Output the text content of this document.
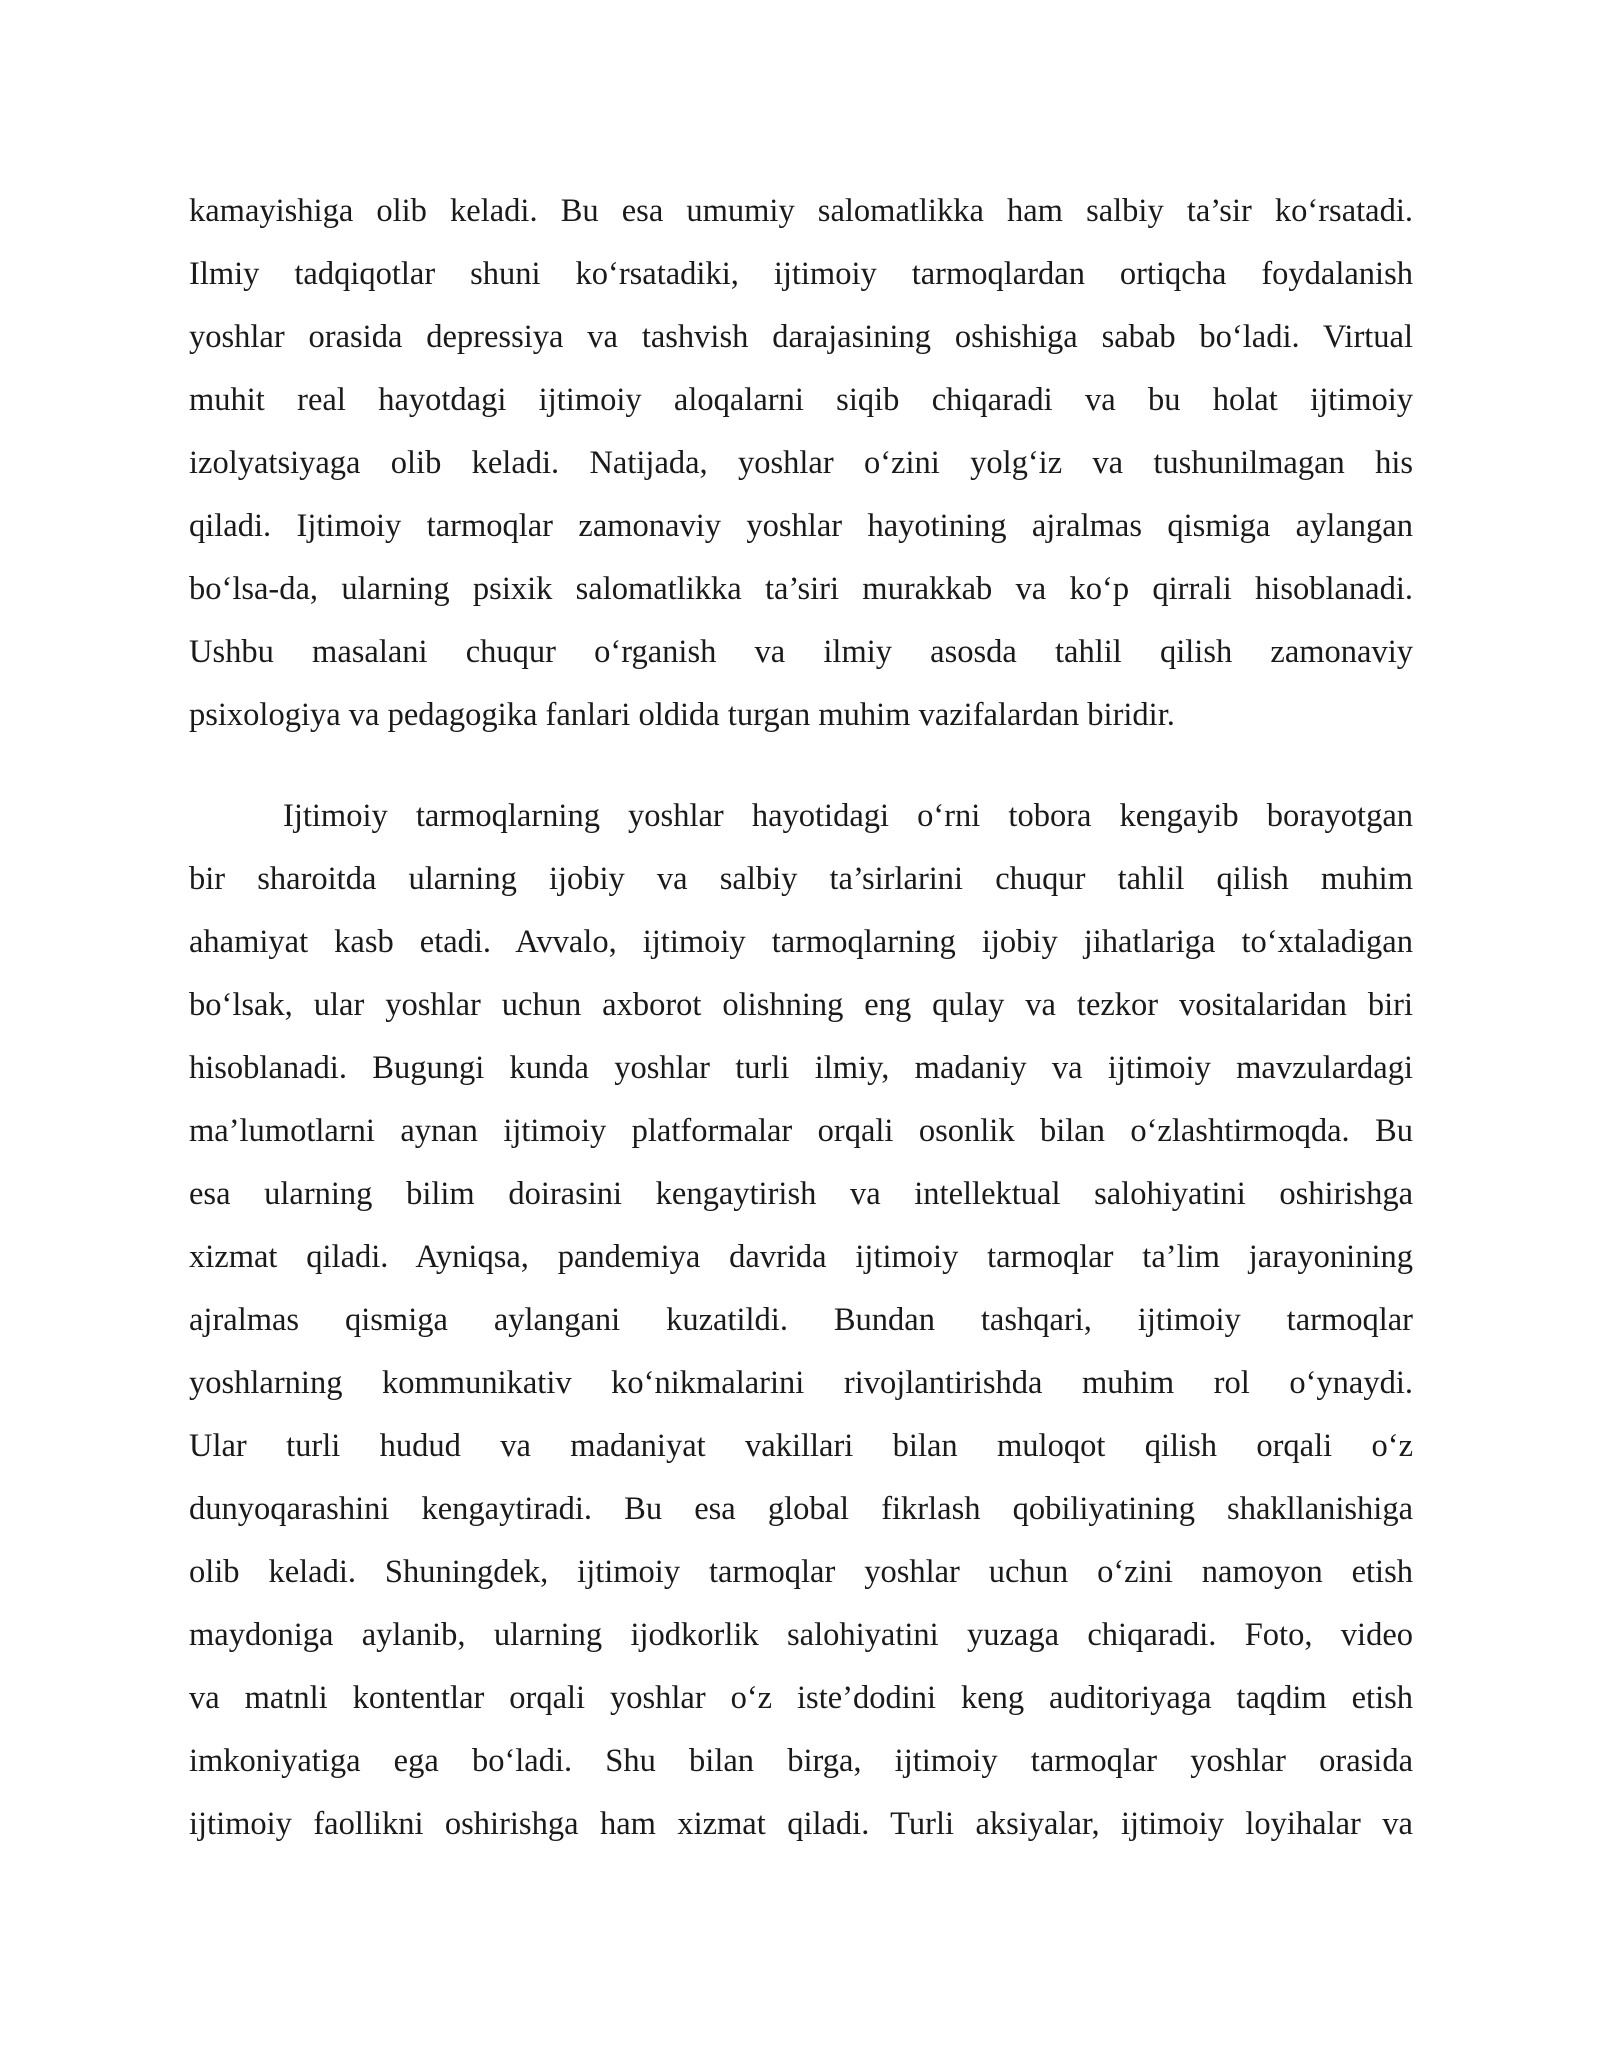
kamayishiga olib keladi. Bu esa umumiy salomatlikka ham salbiy ta’sir ko‘rsatadi.
Ilmiy tadqiqotlar shuni ko‘rsatadiki, ijtimoiy tarmoqlardan ortiqcha foydalanish
yoshlar orasida depressiya va tashvish darajasining oshishiga sabab bo‘ladi. Virtual
muhit real hayotdagi ijtimoiy aloqalarni siqib chiqaradi va bu holat ijtimoiy
izolyatsiyaga olib keladi. Natijada, yoshlar o‘zini yolg‘iz va tushunilmagan his
qiladi. Ijtimoiy tarmoqlar zamonaviy yoshlar hayotining ajralmas qismiga aylangan
bo‘lsa-da, ularning psixik salomatlikka ta’siri murakkab va ko‘p qirrali hisoblanadi.
Ushbu masalani chuqur o‘rganish va ilmiy asosda tahlil qilish zamonaviy
psixologiya va pedagogika fanlari oldida turgan muhim vazifalardan biridir.
Ijtimoiy tarmoqlarning yoshlar hayotidagi o‘rni tobora kengayib borayotgan
bir sharoitda ularning ijobiy va salbiy ta’sirlarini chuqur tahlil qilish muhim
ahamiyat kasb etadi. Avvalo, ijtimoiy tarmoqlarning ijobiy jihatlariga to‘xtaladigan
bo‘lsak, ular yoshlar uchun axborot olishning eng qulay va tezkor vositalaridan biri
hisoblanadi. Bugungi kunda yoshlar turli ilmiy, madaniy va ijtimoiy mavzulardagi
ma’lumotlarni aynan ijtimoiy platformalar orqali osonlik bilan o‘zlashtirmoqda. Bu
esa ularning bilim doirasini kengaytirish va intellektual salohiyatini oshirishga
xizmat qiladi. Ayniqsa, pandemiya davrida ijtimoiy tarmoqlar ta’lim jarayonining
ajralmas qismiga aylangani kuzatildi. Bundan tashqari, ijtimoiy tarmoqlar
yoshlarning kommunikativ ko‘nikmalarini rivojlantirishda muhim rol o‘ynaydi.
Ular turli hudud va madaniyat vakillari bilan muloqot qilish orqali o‘z
dunyoqarashini kengaytiradi. Bu esa global fikrlash qobiliyatining shakllanishiga
olib keladi. Shuningdek, ijtimoiy tarmoqlar yoshlar uchun o‘zini namoyon etish
maydoniga aylanib, ularning ijodkorlik salohiyatini yuzaga chiqaradi. Foto, video
va matnli kontentlar orqali yoshlar o‘z iste’dodini keng auditoriyaga taqdim etish
imkoniyatiga ega bo‘ladi. Shu bilan birga, ijtimoiy tarmoqlar yoshlar orasida
ijtimoiy faollikni oshirishga ham xizmat qiladi. Turli aksiyalar, ijtimoiy loyihalar va
